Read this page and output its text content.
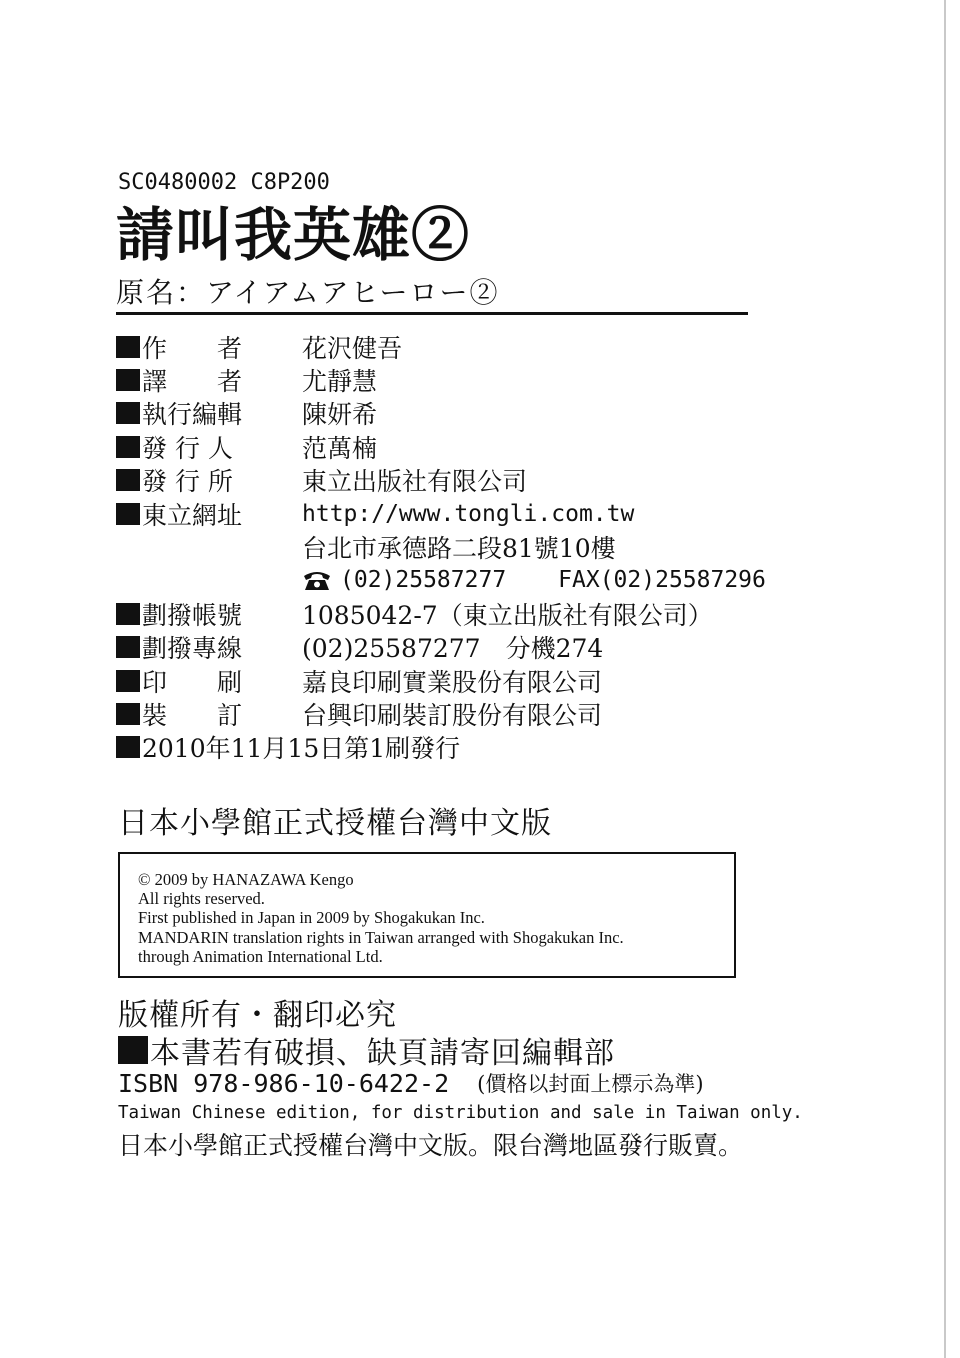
SC0480002 C8P200
請叫我英雄②
原名：アイアムアヒーロー②
作　　者 花沢健吾
譯　　者 尤靜慧
執行編輯 陳妍希
發 行 人	范萬楠
發 行 所	東立出版社有限公司
東立網址	http://www.tongli.com.tw
台北市承德路二段81號10樓
(02)25587277 FAX(02)25587296
劃撥帳號 1085042-7（東立出版社有限公司）
劃撥專線 (02)25587277　分機274
印　　刷 嘉良印刷實業股份有限公司
裝　　訂 台興印刷裝訂股份有限公司
2010年11月15日第1刷發行
日本小學館正式授權台灣中文版
© 2009 by HANAZAWA Kengo
All rights reserved.
First published in Japan in 2009 by Shogakukan Inc.
MANDARIN translation rights in Taiwan arranged with Shogakukan Inc.
through Animation International Ltd.
版權所有・翻印必究
本書若有破損、缺頁請寄回編輯部
ISBN 978-986-10-6422-2 (價格以封面上標示為準)
Taiwan Chinese edition, for distribution and sale in Taiwan only.
日本小學館正式授權台灣中文版。限台灣地區發行販賣。
